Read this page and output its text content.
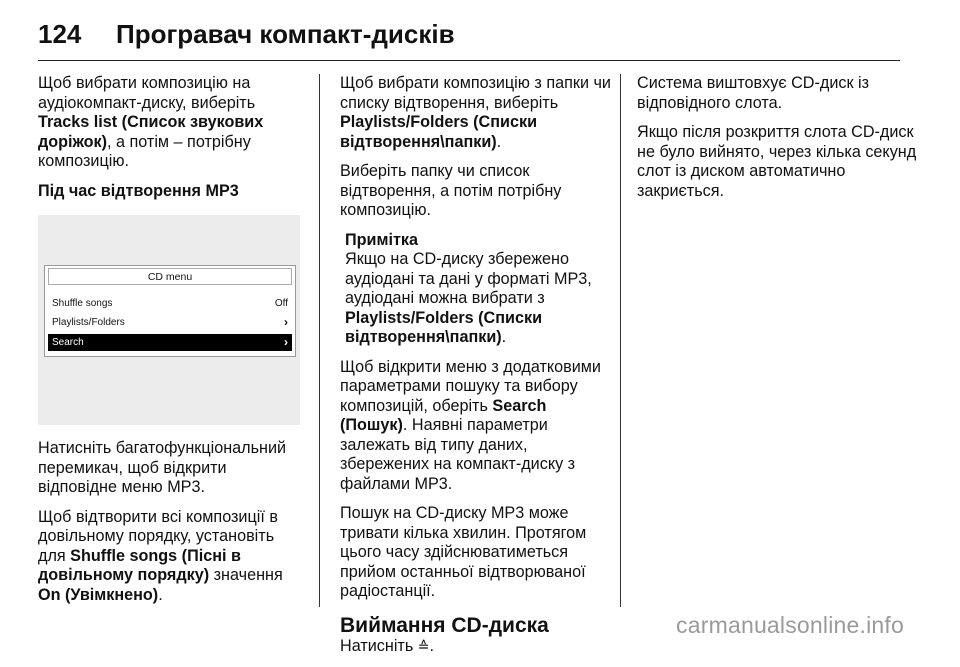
124	Програвач компакт-дисків

Щоб вибрати композицію на аудіокомпакт-диску, виберіть Tracks list (Список звукових доріжок), а потім – потрібну композицію.

Під час відтворення MP3

CD menu
Shuffle songs	Off
Playlists/Folders	›
Search	›

Натисніть багатофункціональний перемикач, щоб відкрити відповідне меню MP3.

Щоб відтворити всі композиції в довільному порядку, установіть для Shuffle songs (Пісні в довільному порядку) значення On (Увімкнено).

Щоб вибрати композицію з папки чи списку відтворення, виберіть Playlists/Folders (Списки відтворення\папки).

Виберіть папку чи список відтворення, а потім потрібну композицію.

Примітка
Якщо на CD-диску збережено аудіодані та дані у форматі MP3, аудіодані можна вибрати з Playlists/Folders (Списки відтворення\папки).

Щоб відкрити меню з додатковими параметрами пошуку та вибору композицій, оберіть Search (Пошук). Наявні параметри залежать від типу даних, збережених на компакт-диску з файлами MP3.

Пошук на CD-диску MP3 може тривати кілька хвилин. Протягом цього часу здійснюватиметься прийом останньої відтворюваної радіостанції.

Виймання CD-диска

Натисніть ≙.

Система виштовхує CD-диск із відповідного слота.

Якщо після розкриття слота CD-диск не було вийнято, через кілька секунд слот із диском автоматично закриється.

carmanualsonline.info
